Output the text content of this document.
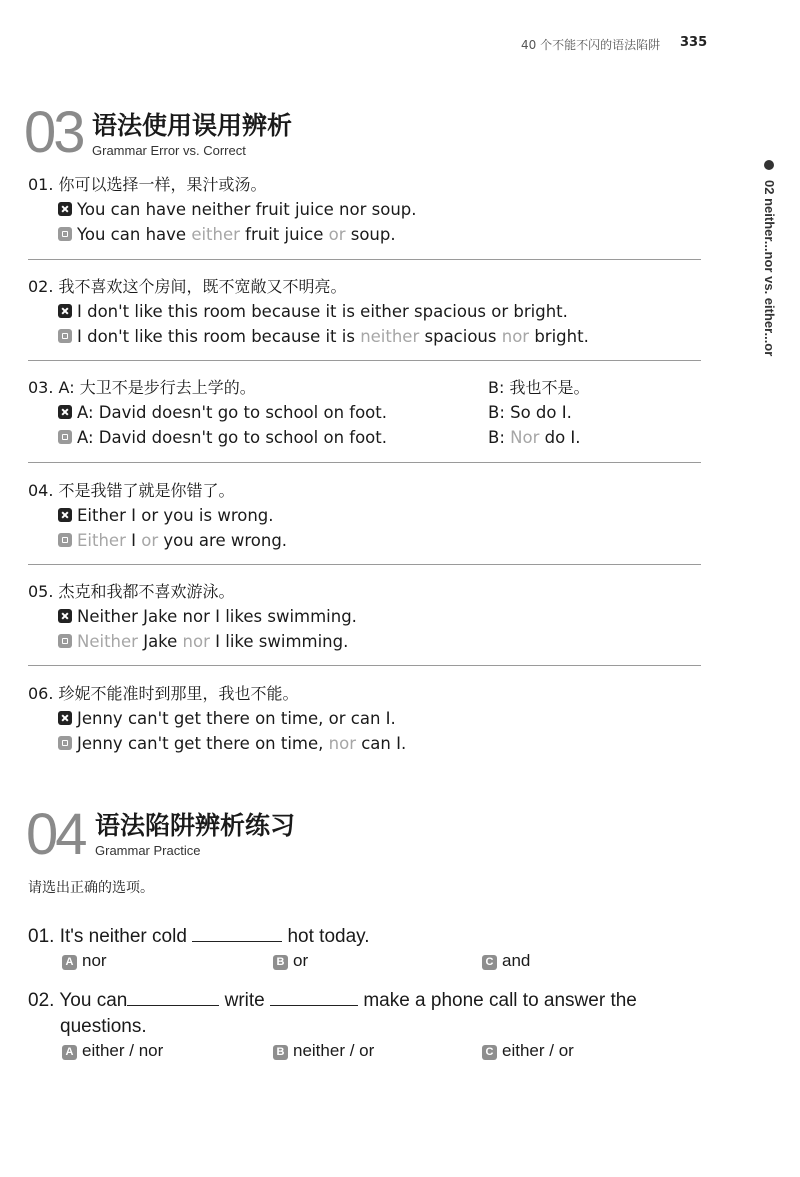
40 个不能不闪的语法陷阱 335
02 neither...nor vs. either...or
03 语法使用误用辨析
Grammar Error vs. Correct
01. 你可以选择一样，果汁或汤。
You can have neither fruit juice nor soup.
You can have either fruit juice or soup.
02. 我不喜欢这个房间，既不宽敞又不明亮。
I don't like this room because it is either spacious or bright.
I don't like this room because it is neither spacious nor bright.
03. A: 大卫不是步行去上学的。	B: 我也不是。
A: David doesn't go to school on foot.	B: So do I.
A: David doesn't go to school on foot.	B: Nor do I.
04. 不是我错了就是你错了。
Either I or you is wrong.
Either I or you are wrong.
05. 杰克和我都不喜欢游泳。
Neither Jake nor I likes swimming.
Neither Jake nor I like swimming.
06. 珍妮不能准时到那里，我也不能。
Jenny can't get there on time, or can I.
Jenny can't get there on time, nor can I.
04 语法陷阱辨析练习
Grammar Practice
请选出正确的选项。
01. It's neither cold	hot today.
A nor	B or	C and
02. You can	write	make a phone call to answer the
questions.
A either / nor	B neither / or	C either / or
